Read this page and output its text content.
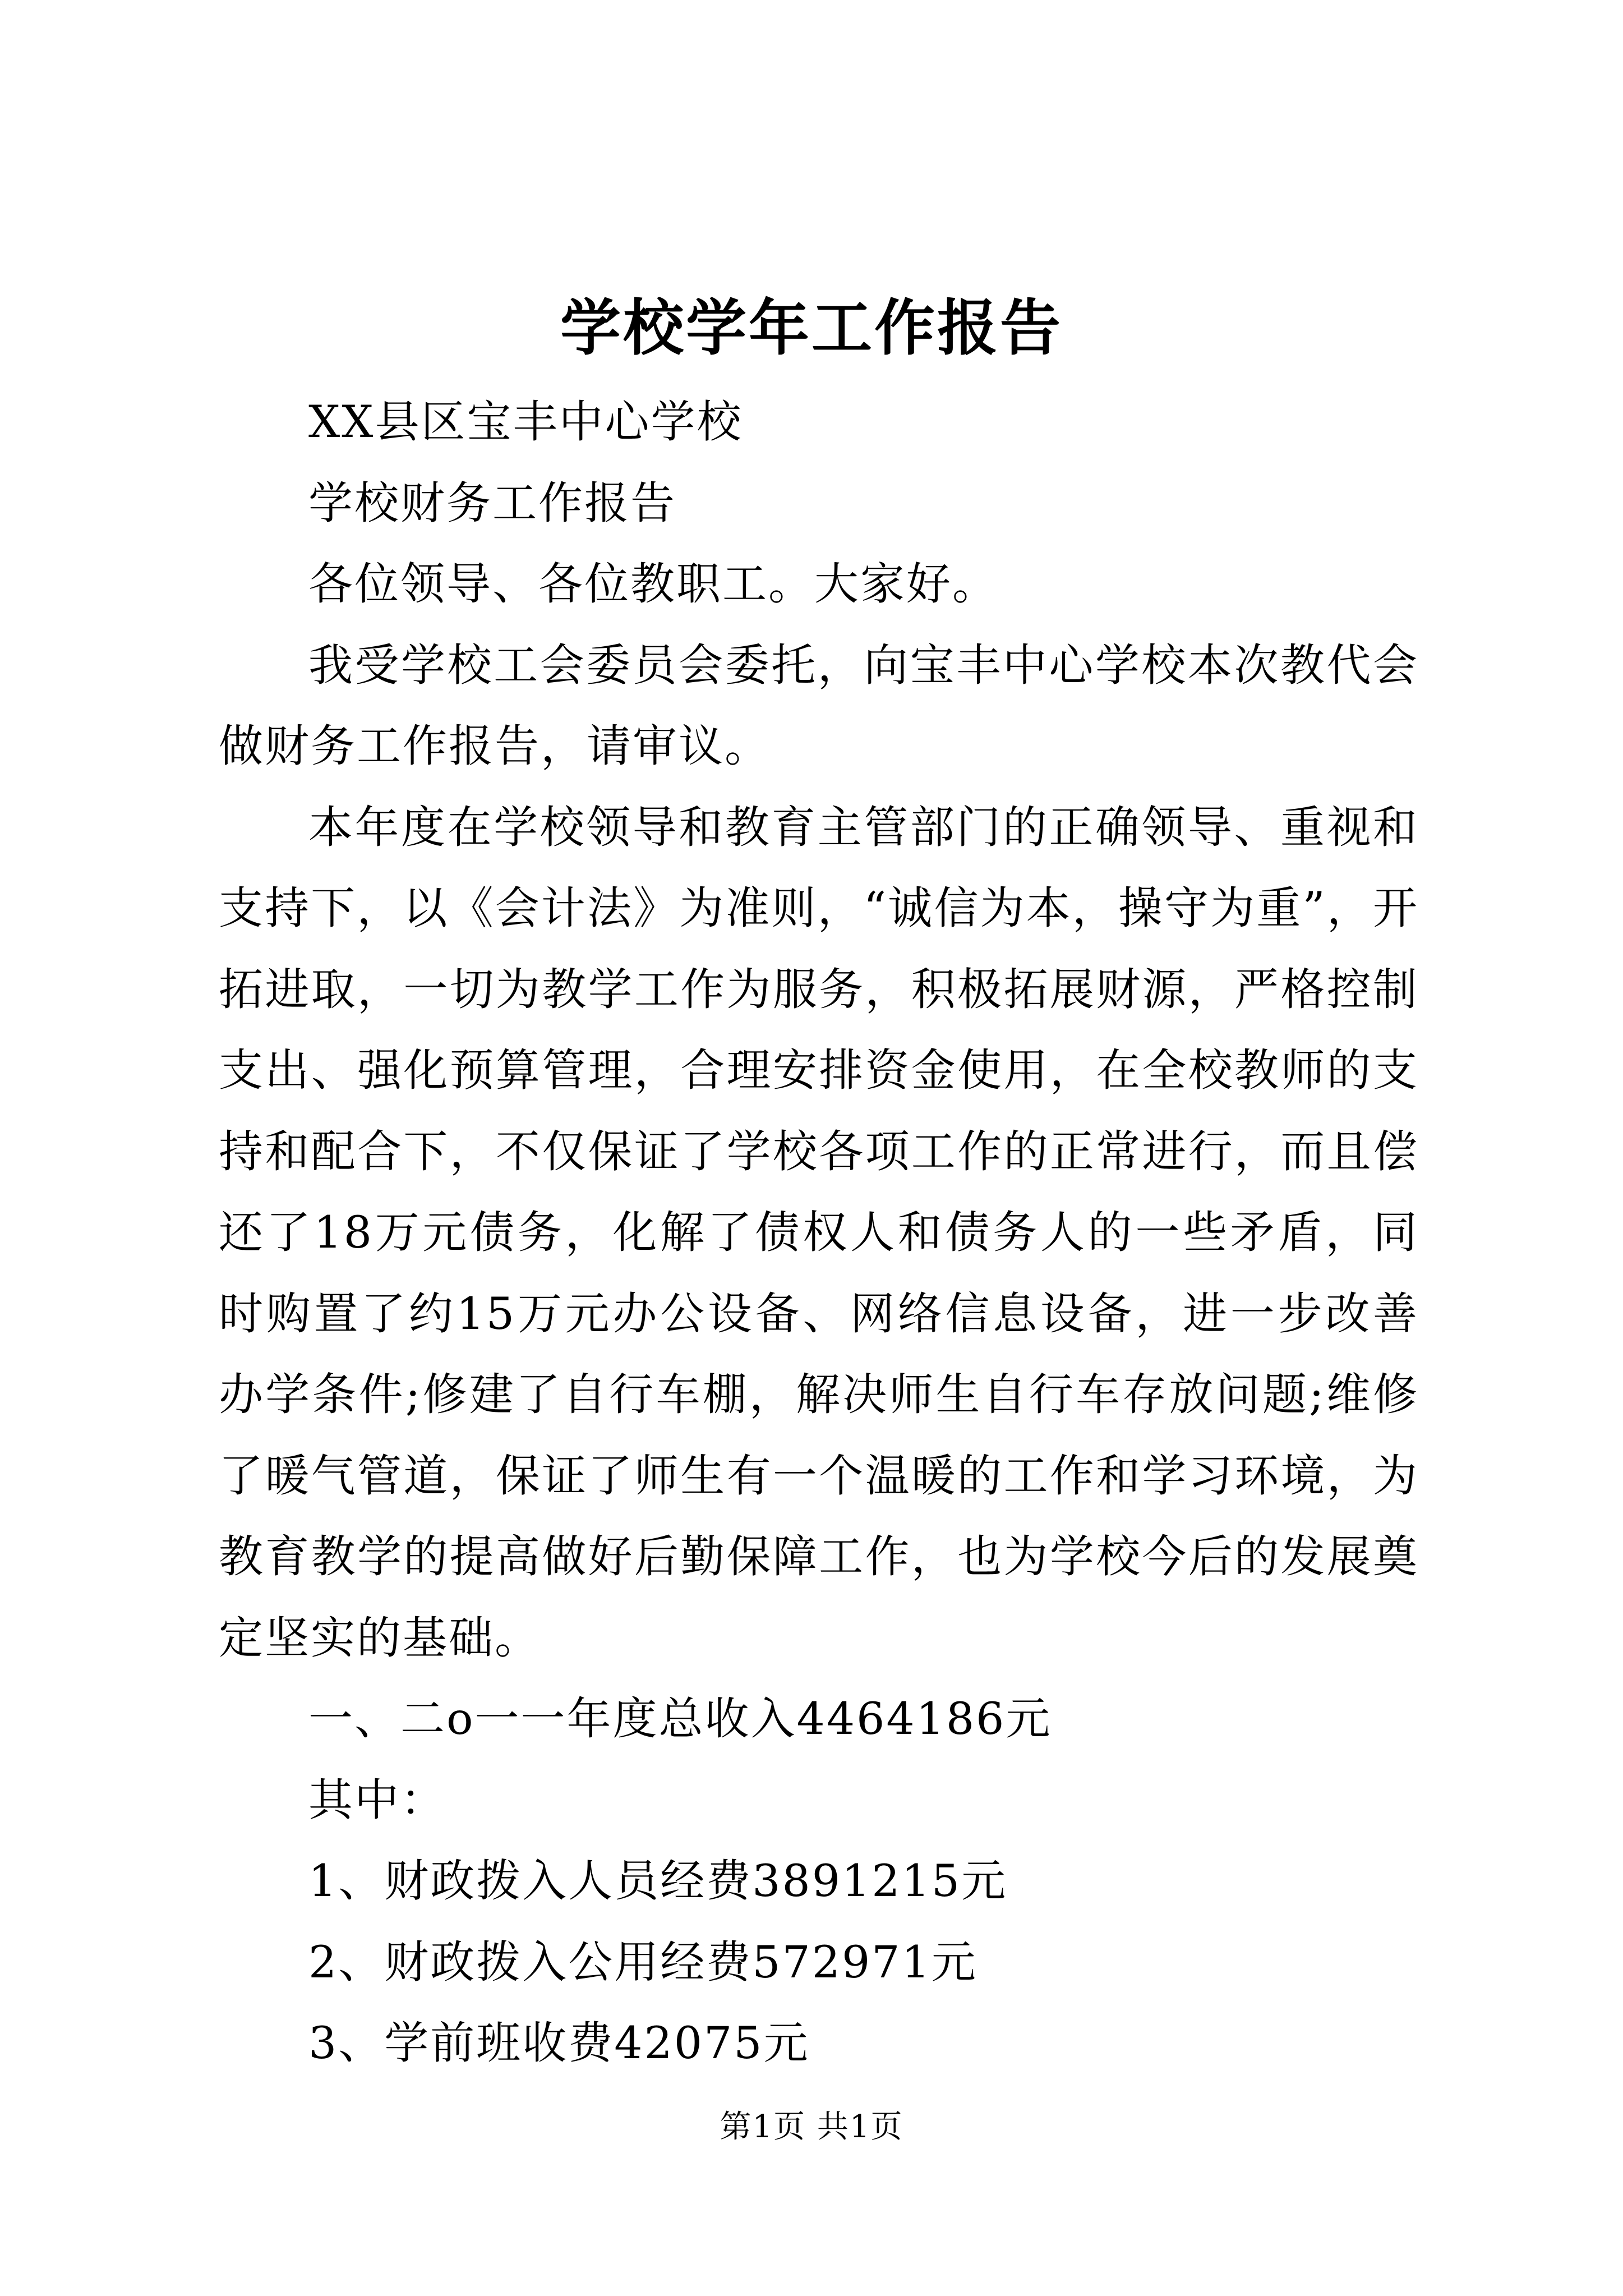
学校学年工作报告
XX县区宝丰中心学校
学校财务工作报告
各位领导、各位教职工。大家好。

我受学校工会委员会委托，向宝丰中心学校本次教代会做财务工作报告，请审议。

本年度在学校领导和教育主管部门的正确领导、重视和支持下，以《会计法》为准则，“诚信为本，操守为重”，开拓进取，一切为教学工作为服务，积极拓展财源，严格控制支出、强化预算管理，合理安排资金使用，在全校教师的支持和配合下，不仅保证了学校各项工作的正常进行，而且偿还了18万元债务，化解了债权人和债务人的一些矛盾，同时购置了约15万元办公设备、网络信息设备，进一步改善办学条件;修建了自行车棚，解决师生自行车存放问题;维修了暖气管道，保证了师生有一个温暖的工作和学习环境，为教育教学的提高做好后勤保障工作，也为学校今后的发展奠定坚实的基础。

一、二o一一年度总收入4464186元
其中：
1、财政拨入人员经费3891215元
2、财政拨入公用经费572971元
3、学前班收费42075元
第1页 共1页
